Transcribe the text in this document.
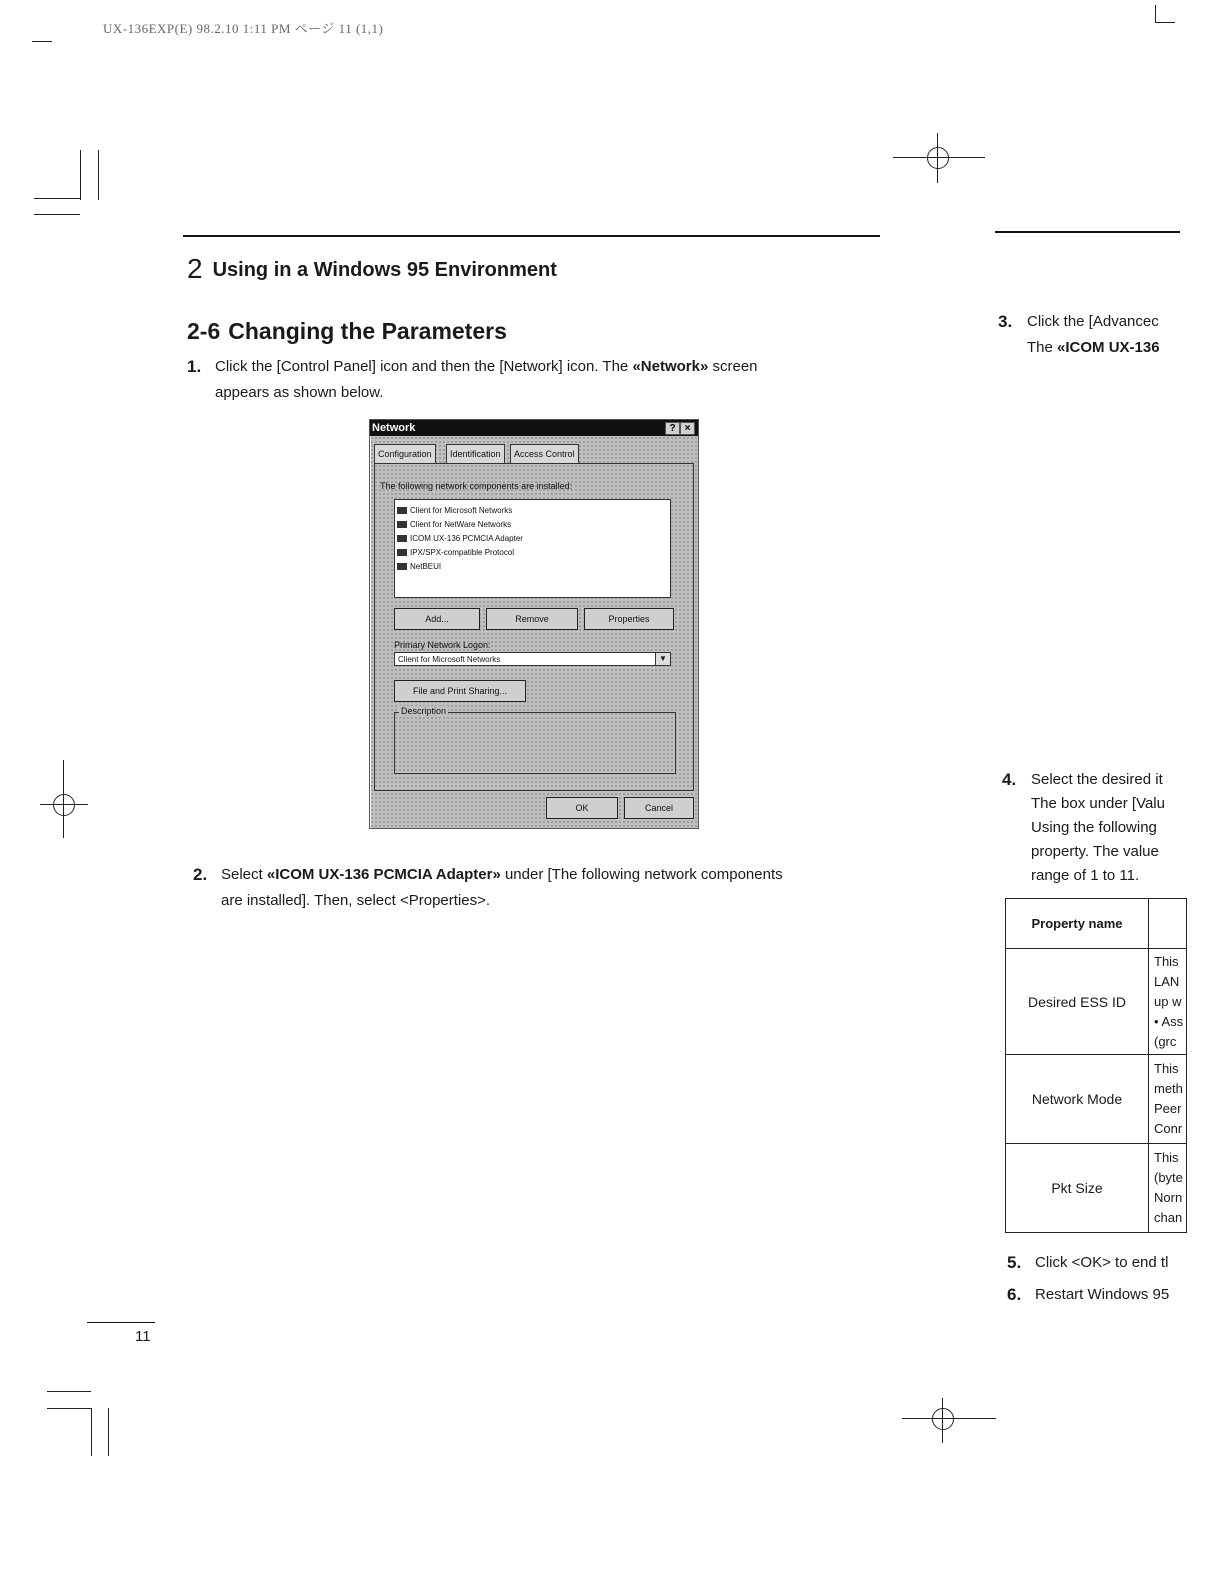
UX-136EXP(E) 98.2.10 1:11 PM ページ 11 (1,1)
2 Using in a Windows 95 Environment
2-6 Changing the Parameters
1. Click the [Control Panel] icon and then the [Network] icon. The «Network» screen
appears as shown below.
Network	? ×
Configuration	Identification	Access Control
The following network components are installed:
Client for Microsoft Networks
Client for NetWare Networks
ICOM UX-136 PCMCIA Adapter
IPX/SPX-compatible Protocol
NetBEUI
Add...	Remove	Properties
Primary Network Logon:
Client for Microsoft Networks	▼
File and Print Sharing...
Description
OK	Cancel
2. Select «ICOM UX-136 PCMCIA Adapter» under [The following network components
are installed]. Then, select <Properties>.
3. Click the [Advancec
The «ICOM UX-136
4. Select the desired it
The box under [Valu
Using the following
property. The value
range of 1 to 11.
5. Click <OK> to end tl
6. Restart Windows 95
Property name	
Desired ESS ID	This
LAN
up w
• Ass
(grc

Network Mode	This
meth
Peer
Conr

Pkt Size	This
(byte
Norn
chan
11
